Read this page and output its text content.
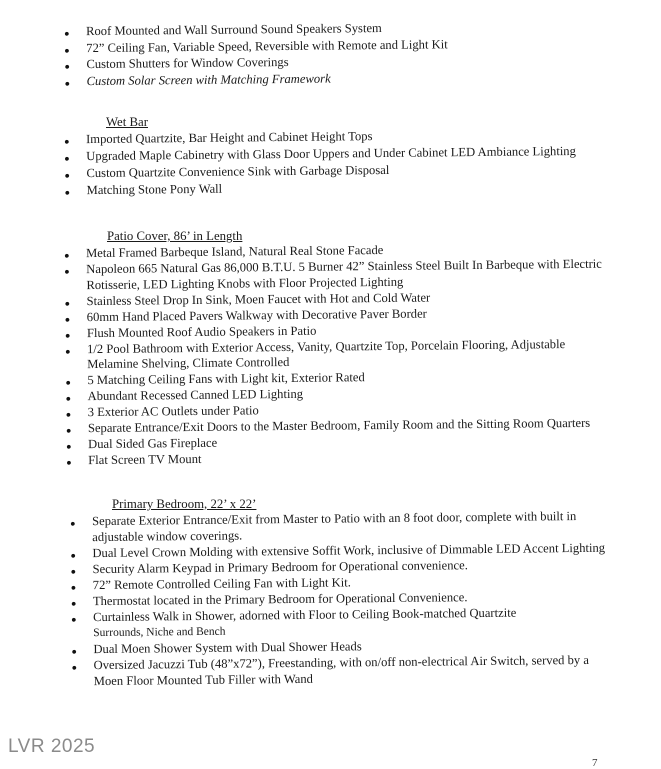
● Roof Mounted and Wall Surround Sound Speakers System
● 72” Ceiling Fan, Variable Speed, Reversible with Remote and Light Kit
● Custom Shutters for Window Coverings
● Custom Solar Screen with Matching Framework
Wet Bar
● Imported Quartzite, Bar Height and Cabinet Height Tops
● Upgraded Maple Cabinetry with Glass Door Uppers and Under Cabinet LED Ambiance Lighting
● Custom Quartzite Convenience Sink with Garbage Disposal
● Matching Stone Pony Wall
Patio Cover, 86’ in Length
● Metal Framed Barbeque Island, Natural Real Stone Facade
● Napoleon 665 Natural Gas 86,000 B.T.U. 5 Burner 42” Stainless Steel Built In Barbeque with Electric Rotisserie, LED Lighting Knobs with Floor Projected Lighting
● Stainless Steel Drop In Sink, Moen Faucet with Hot and Cold Water
● 60mm Hand Placed Pavers Walkway with Decorative Paver Border
● Flush Mounted Roof Audio Speakers in Patio
● 1/2 Pool Bathroom with Exterior Access, Vanity, Quartzite Top, Porcelain Flooring, Adjustable Melamine Shelving, Climate Controlled
● 5 Matching Ceiling Fans with Light kit, Exterior Rated
● Abundant Recessed Canned LED Lighting
● 3 Exterior AC Outlets under Patio
● Separate Entrance/Exit Doors to the Master Bedroom, Family Room and the Sitting Room Quarters
● Dual Sided Gas Fireplace
● Flat Screen TV Mount
Primary Bedroom, 22’ x 22’
● Separate Exterior Entrance/Exit from Master to Patio with an 8 foot door, complete with built in adjustable window coverings.
● Dual Level Crown Molding with extensive Soffit Work, inclusive of Dimmable LED Accent Lighting
● Security Alarm Keypad in Primary Bedroom for Operational convenience.
● 72” Remote Controlled Ceiling Fan with Light Kit.
● Thermostat located in the Primary Bedroom for Operational Convenience.
● Curtainless Walk in Shower, adorned with Floor to Ceiling Book-matched Quartzite
Surrounds, Niche and Bench
● Dual Moen Shower System with Dual Shower Heads
● Oversized Jacuzzi Tub (48”x72”), Freestanding, with on/off non-electrical Air Switch, served by a Moen Floor Mounted Tub Filler with Wand
LVR 2025
7
